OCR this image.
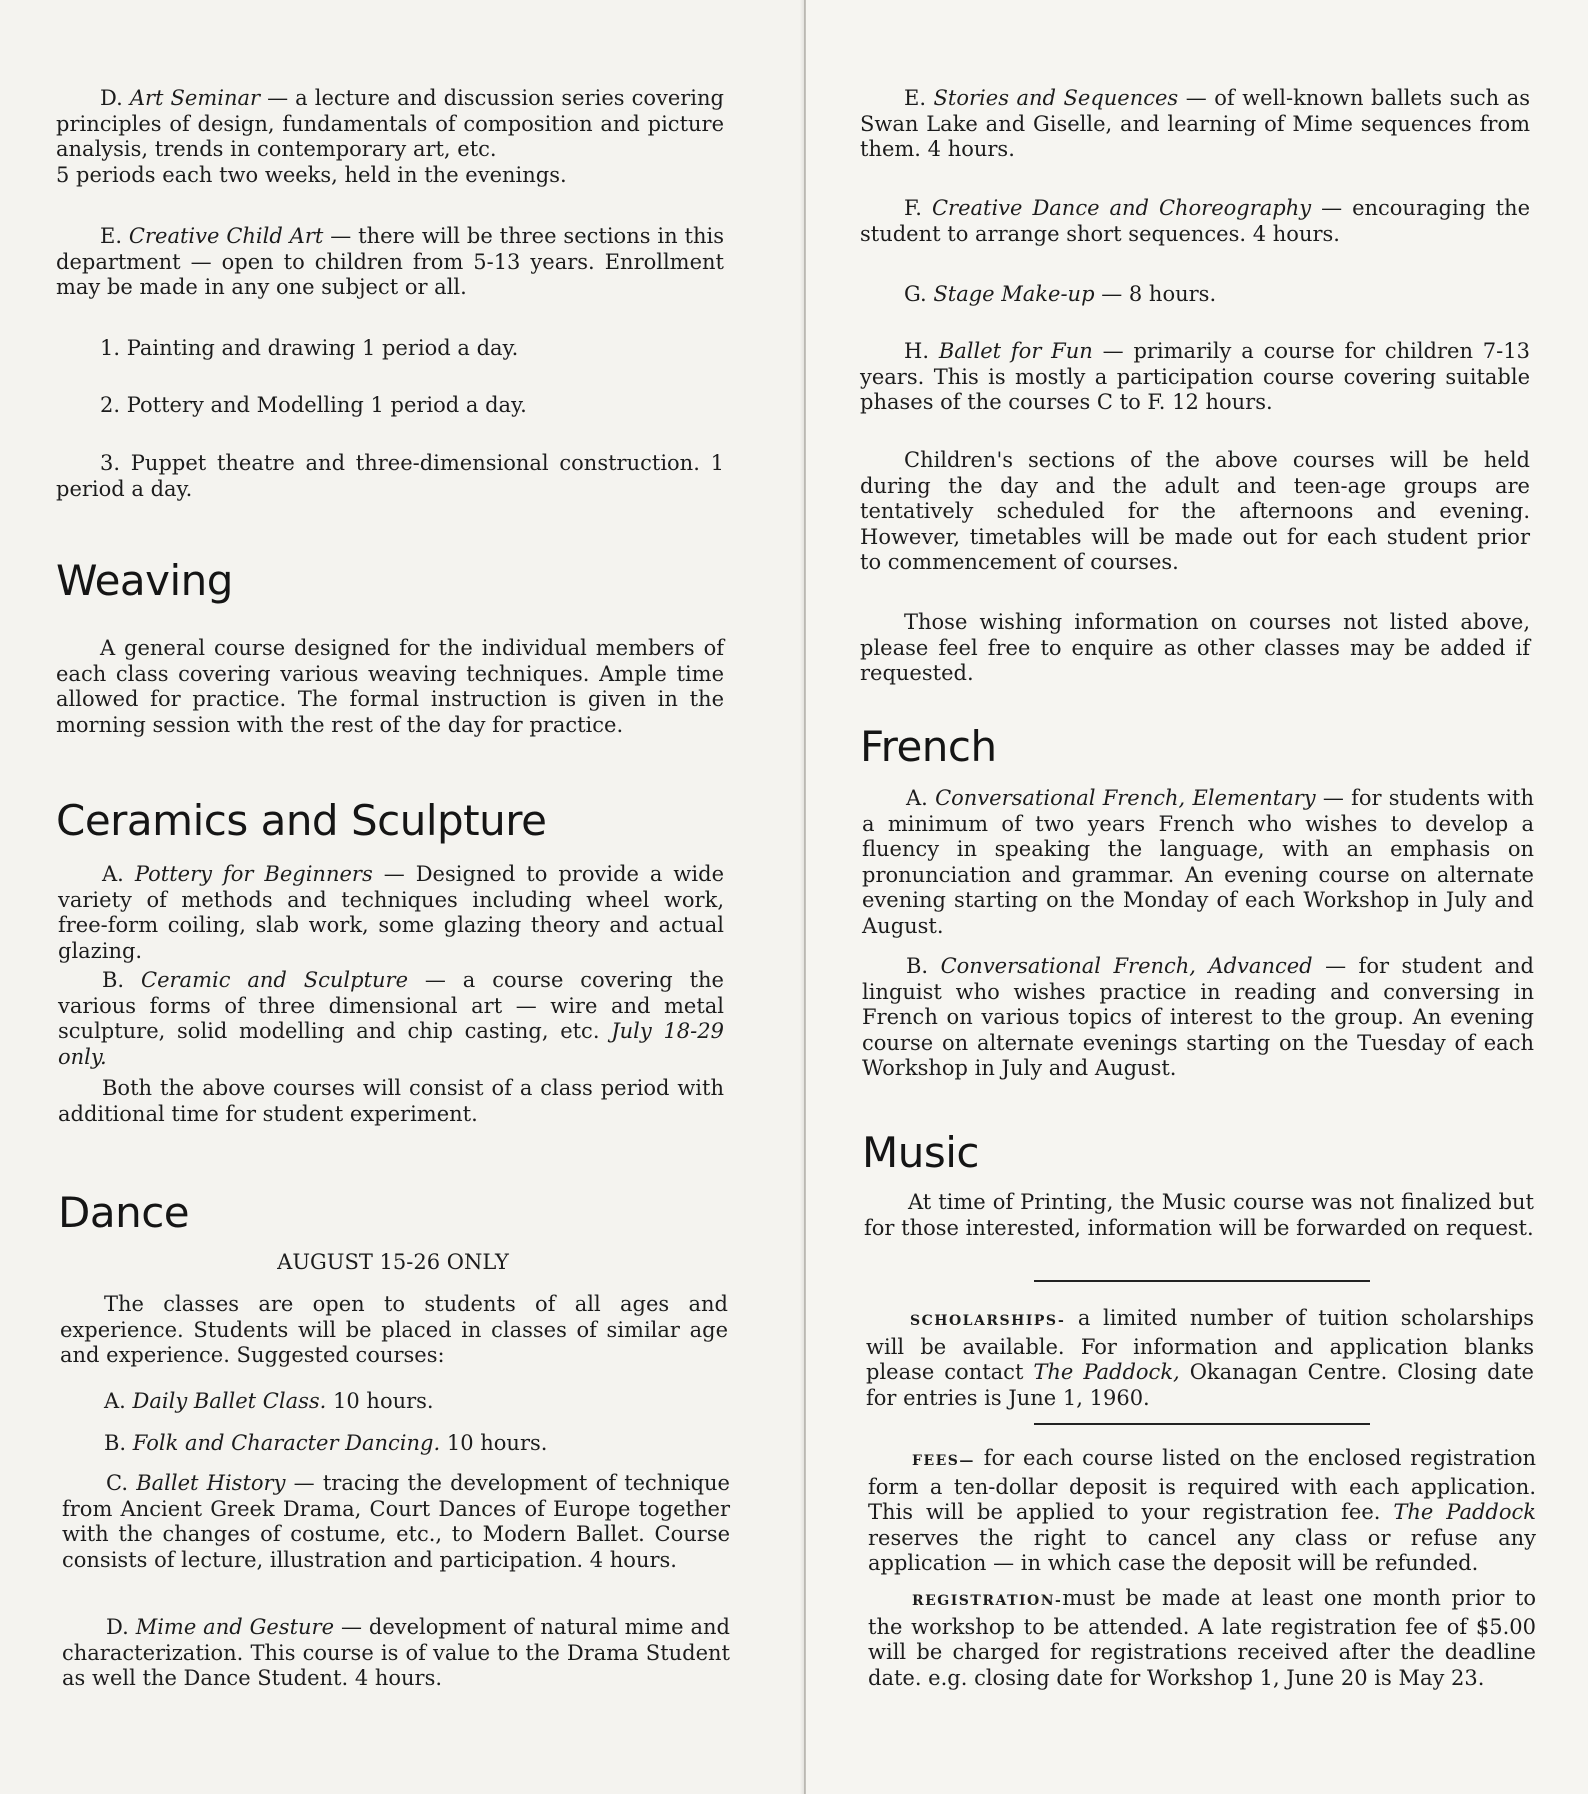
D. Art Seminar — a lecture and discussion series covering principles of design, fundamentals of composition and picture analysis, trends in contemporary art, etc.
5 periods each two weeks, held in the evenings.

E. Creative Child Art — there will be three sections in this department — open to children from 5-13 years. Enrollment may be made in any one subject or all.

1. Painting and drawing 1 period a day.

2. Pottery and Modelling 1 period a day.

3. Puppet theatre and three-dimensional construction. 1 period a day.

Weaving

A general course designed for the individual members of each class covering various weaving techniques. Ample time allowed for practice. The formal instruction is given in the morning session with the rest of the day for practice.

Ceramics and Sculpture

A. Pottery for Beginners — Designed to provide a wide variety of methods and techniques including wheel work, free-form coiling, slab work, some glazing theory and actual glazing.

B. Ceramic and Sculpture — a course covering the various forms of three dimensional art — wire and metal sculpture, solid modelling and chip casting, etc. July 18-29 only.

Both the above courses will consist of a class period with additional time for student experiment.

Dance

AUGUST 15-26 ONLY

The classes are open to students of all ages and experience. Students will be placed in classes of similar age and experience. Suggested courses:

A. Daily Ballet Class. 10 hours.

B. Folk and Character Dancing. 10 hours.

C. Ballet History — tracing the development of technique from Ancient Greek Drama, Court Dances of Europe together with the changes of costume, etc., to Modern Ballet. Course consists of lecture, illustration and participation. 4 hours.

D. Mime and Gesture — development of natural mime and characterization. This course is of value to the Drama Student as well the Dance Student. 4 hours.

E. Stories and Sequences — of well-known ballets such as Swan Lake and Giselle, and learning of Mime sequences from them. 4 hours.

F. Creative Dance and Choreography — encouraging the student to arrange short sequences. 4 hours.

G. Stage Make-up — 8 hours.

H. Ballet for Fun — primarily a course for children 7-13 years. This is mostly a participation course covering suitable phases of the courses C to F. 12 hours.

Children's sections of the above courses will be held during the day and the adult and teen-age groups are tentatively scheduled for the afternoons and evening. However, timetables will be made out for each student prior to commencement of courses.

Those wishing information on courses not listed above, please feel free to enquire as other classes may be added if requested.

French

A. Conversational French, Elementary — for students with a minimum of two years French who wishes to develop a fluency in speaking the language, with an emphasis on pronunciation and grammar. An evening course on alternate evening starting on the Monday of each Workshop in July and August.

B. Conversational French, Advanced — for student and linguist who wishes practice in reading and conversing in French on various topics of interest to the group. An evening course on alternate evenings starting on the Tuesday of each Workshop in July and August.

Music

At time of Printing, the Music course was not finalized but for those interested, information will be forwarded on request.

SCHOLARSHIPS- a limited number of tuition scholarships will be available. For information and application blanks please contact The Paddock, Okanagan Centre. Closing date for entries is June 1, 1960.

FEES— for each course listed on the enclosed registration form a ten-dollar deposit is required with each application. This will be applied to your registration fee. The Paddock reserves the right to cancel any class or refuse any application — in which case the deposit will be refunded.

REGISTRATION-must be made at least one month prior to the workshop to be attended. A late registration fee of $5.00 will be charged for registrations received after the deadline date. e.g. closing date for Workshop 1, June 20 is May 23.
